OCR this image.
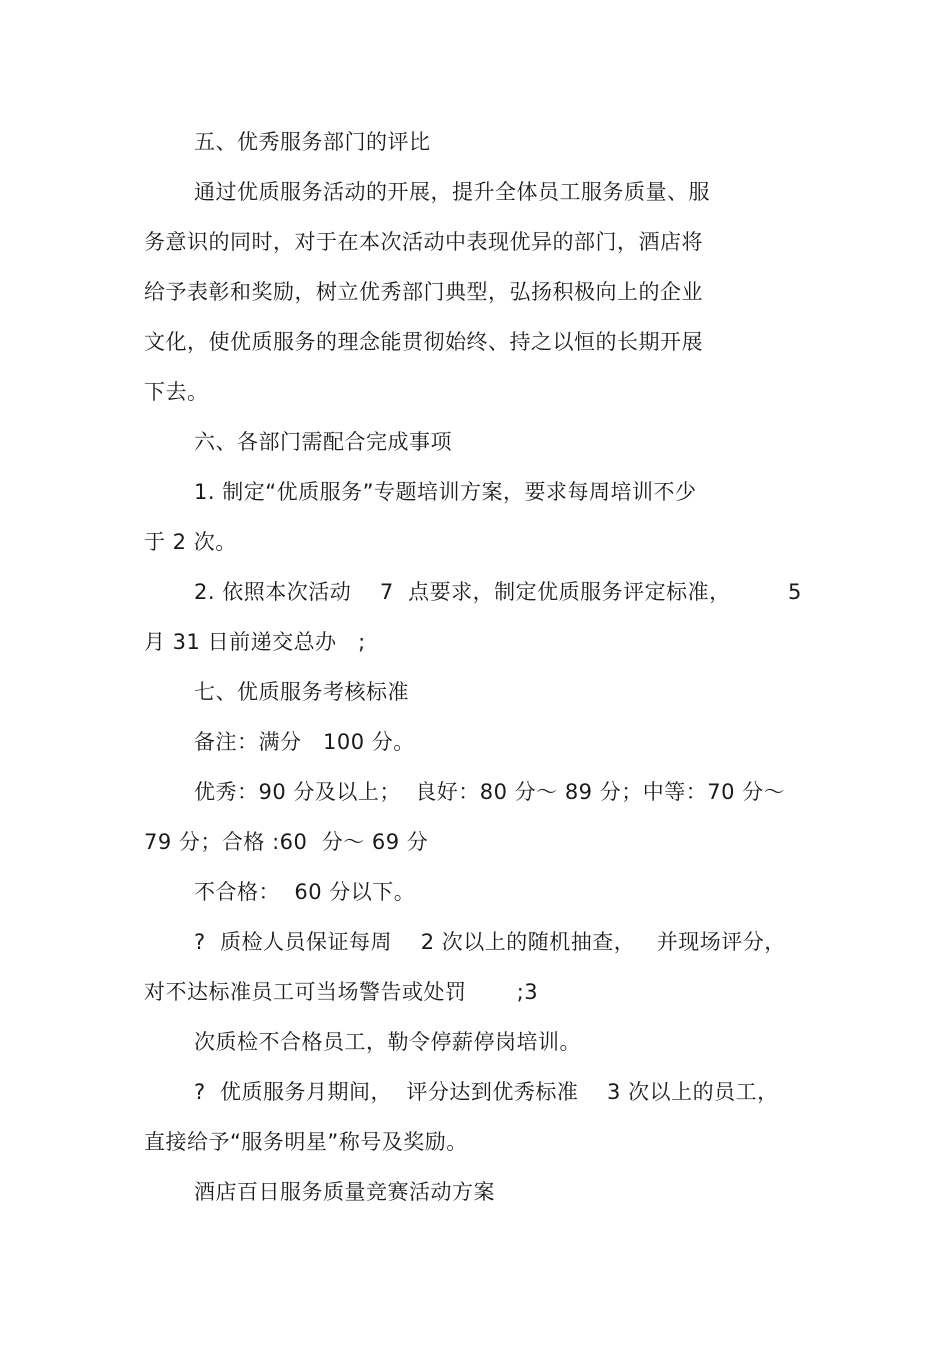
五、优秀服务部门的评比
通过优质服务活动的开展，提升全体员工服务质量、服
务意识的同时，对于在本次活动中表现优异的部门，酒店将
给予表彰和奖励，树立优秀部门典型，弘扬积极向上的企业
文化，使优质服务的理念能贯彻始终、持之以恒的长期开展
下去。
六、各部门需配合完成事项
1. 制定“优质服务”专题培训方案，要求每周培训不少
于 2 次。
2. 依照本次活动    7  点要求，制定优质服务评定标准，        5
月 31 日前递交总办   ;
七、优质服务考核标准
备注：满分   100 分。
优秀：90 分及以上；  良好：80 分～ 89 分；中等：70 分～
79 分；合格 :60  分～ 69 分
不合格：  60 分以下。
?  质检人员保证每周    2 次以上的随机抽查，   并现场评分，
对不达标准员工可当场警告或处罚       ;3
次质检不合格员工，勒令停薪停岗培训。
?  优质服务月期间，  评分达到优秀标准    3 次以上的员工，
直接给予“服务明星”称号及奖励。
酒店百日服务质量竞赛活动方案
